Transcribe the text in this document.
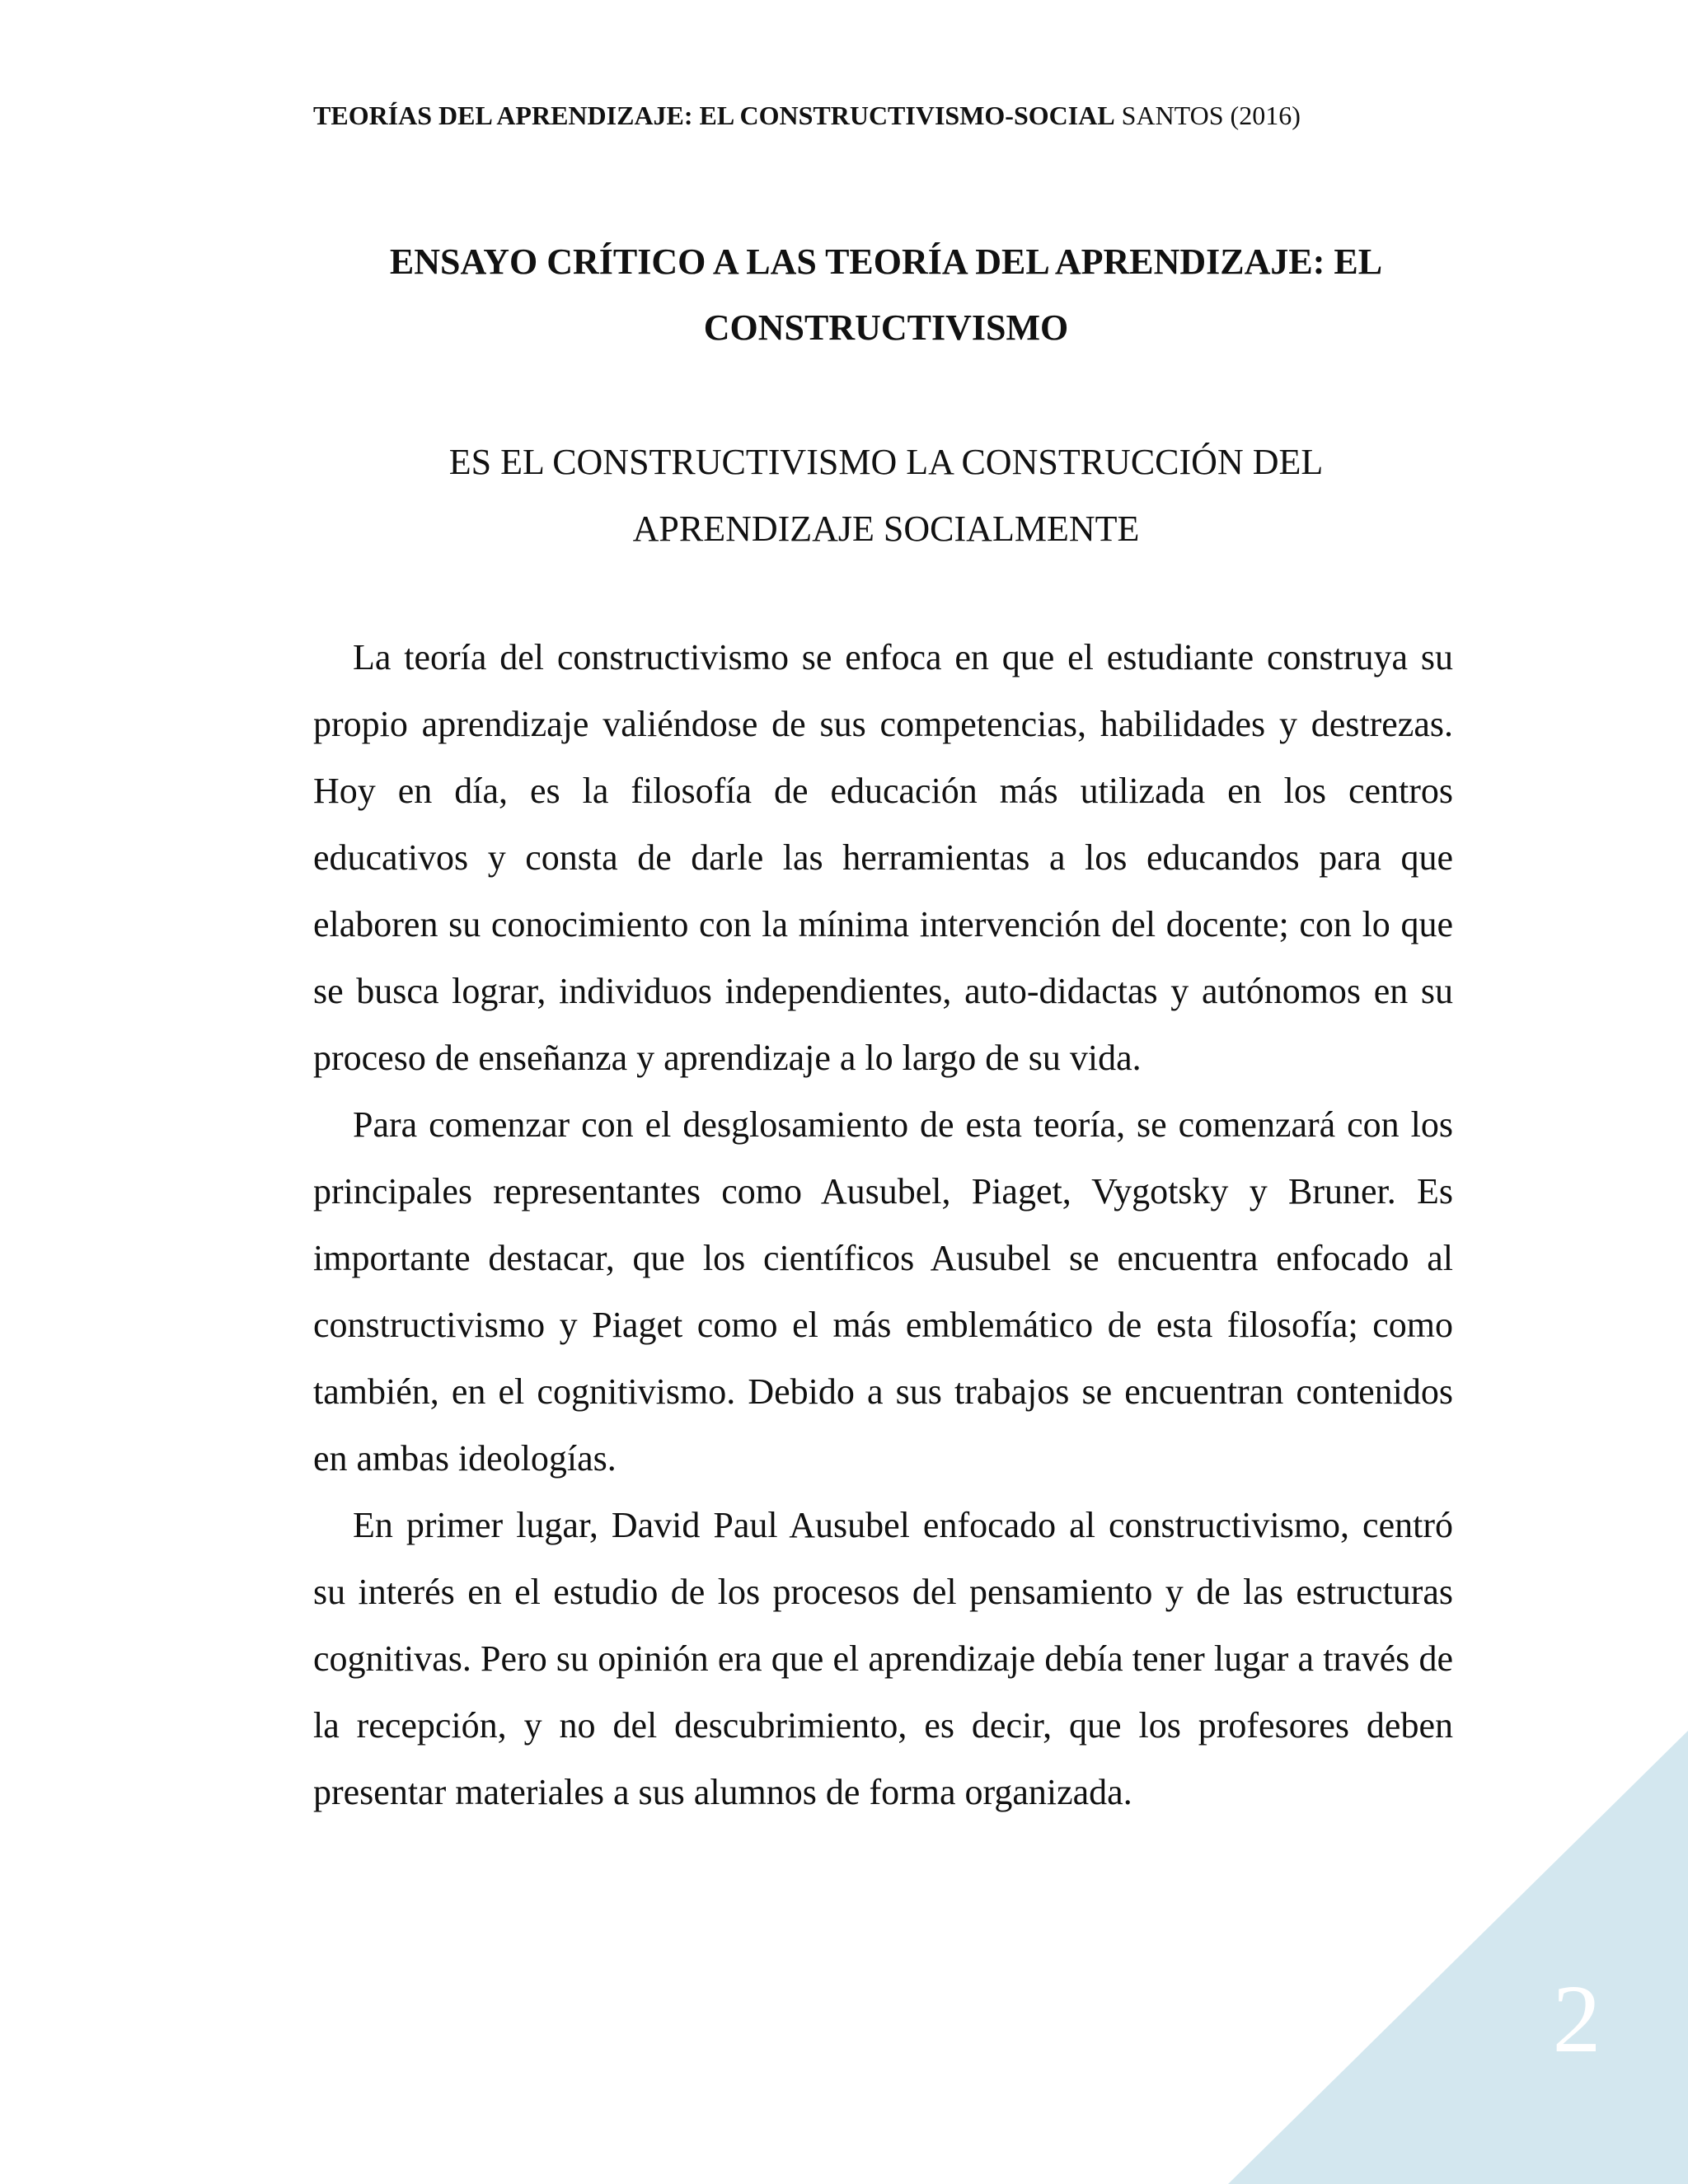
TEORÍAS DEL APRENDIZAJE: EL CONSTRUCTIVISMO-SOCIAL SANTOS (2016)
ENSAYO CRÍTICO A LAS TEORÍA DEL APRENDIZAJE: EL
CONSTRUCTIVISMO
ES EL CONSTRUCTIVISMO LA CONSTRUCCIÓN DEL
APRENDIZAJE SOCIALMENTE

La teoría del constructivismo se enfoca en que el estudiante construya su propio aprendizaje valiéndose de sus competencias, habilidades y destrezas. Hoy en día, es la filosofía de educación más utilizada en los centros educativos y consta de darle las herramientas a los educandos para que elaboren su conocimiento con la mínima intervención del docente; con lo que se busca lograr, individuos independientes, auto-didactas y autónomos en su proceso de enseñanza y aprendizaje a lo largo de su vida.

Para comenzar con el desglosamiento de esta teoría, se comenzará con los principales representantes como Ausubel, Piaget, Vygotsky y Bruner. Es importante destacar, que los científicos Ausubel se encuentra enfocado al constructivismo y Piaget como el más emblemático de esta filosofía; como también, en el cognitivismo. Debido a sus trabajos se encuentran contenidos en ambas ideologías.

En primer lugar, David Paul Ausubel enfocado al constructivismo, centró su interés en el estudio de los procesos del pensamiento y de las estructuras cognitivas. Pero su opinión era que el aprendizaje debía tener lugar a través de la recepción, y no del descubrimiento, es decir, que los profesores deben presentar materiales a sus alumnos de forma organizada.

2
